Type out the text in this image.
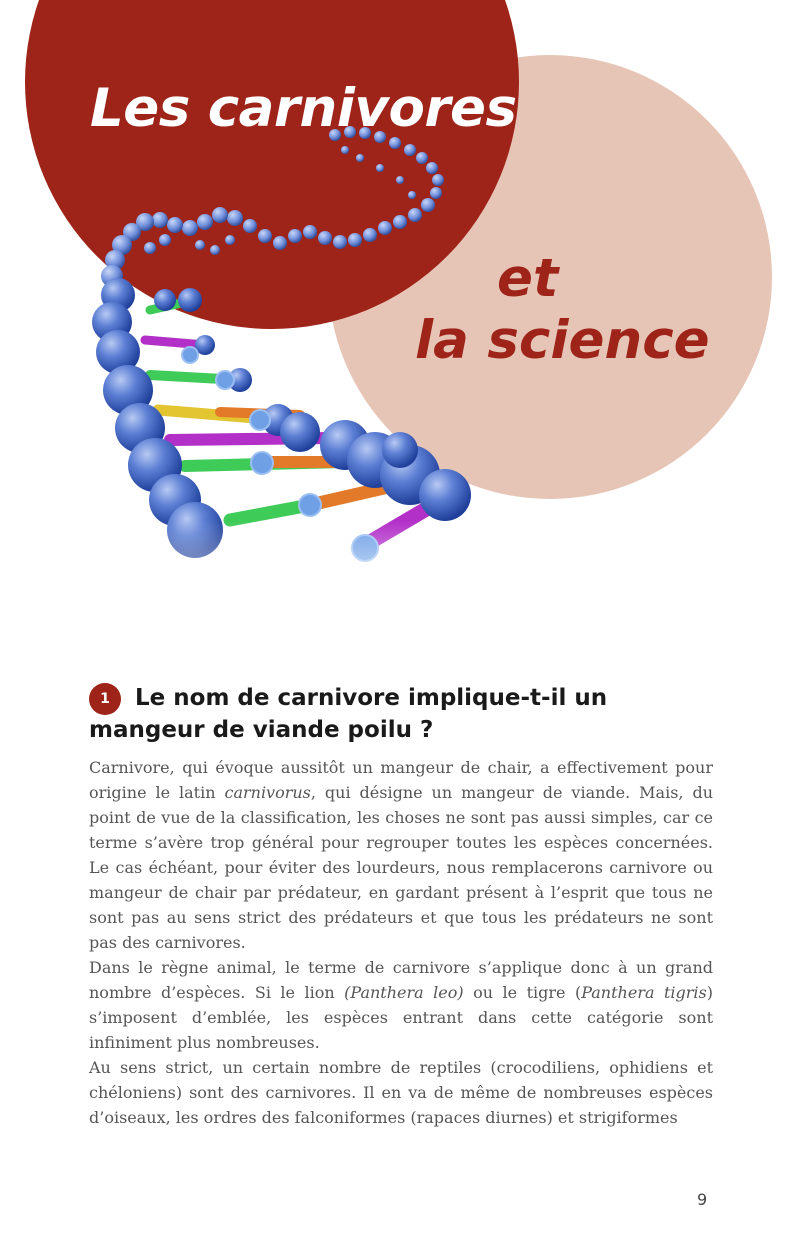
Les carnivores
et
la science
1 Le nom de carnivore implique-t-il un mangeur de viande poilu ?

Carnivore, qui évoque aussitôt un mangeur de chair, a effectivement pour origine le latin carnivorus, qui désigne un mangeur de viande. Mais, du point de vue de la classification, les choses ne sont pas aussi simples, car ce terme s’avère trop général pour regrouper toutes les espèces concernées. Le cas échéant, pour éviter des lourdeurs, nous remplacerons carnivore ou mangeur de chair par prédateur, en gardant présent à l’esprit que tous ne sont pas au sens strict des prédateurs et que tous les prédateurs ne sont pas des carnivores.

Dans le règne animal, le terme de carnivore s’applique donc à un grand nombre d’espèces. Si le lion (Panthera leo) ou le tigre (Panthera tigris) s’imposent d’emblée, les espèces entrant dans cette catégorie sont infiniment plus nombreuses.

Au sens strict, un certain nombre de reptiles (crocodiliens, ophidiens et chéloniens) sont des carnivores. Il en va de même de nombreuses espèces d’oiseaux, les ordres des falconiformes (rapaces diurnes) et strigiformes

9
